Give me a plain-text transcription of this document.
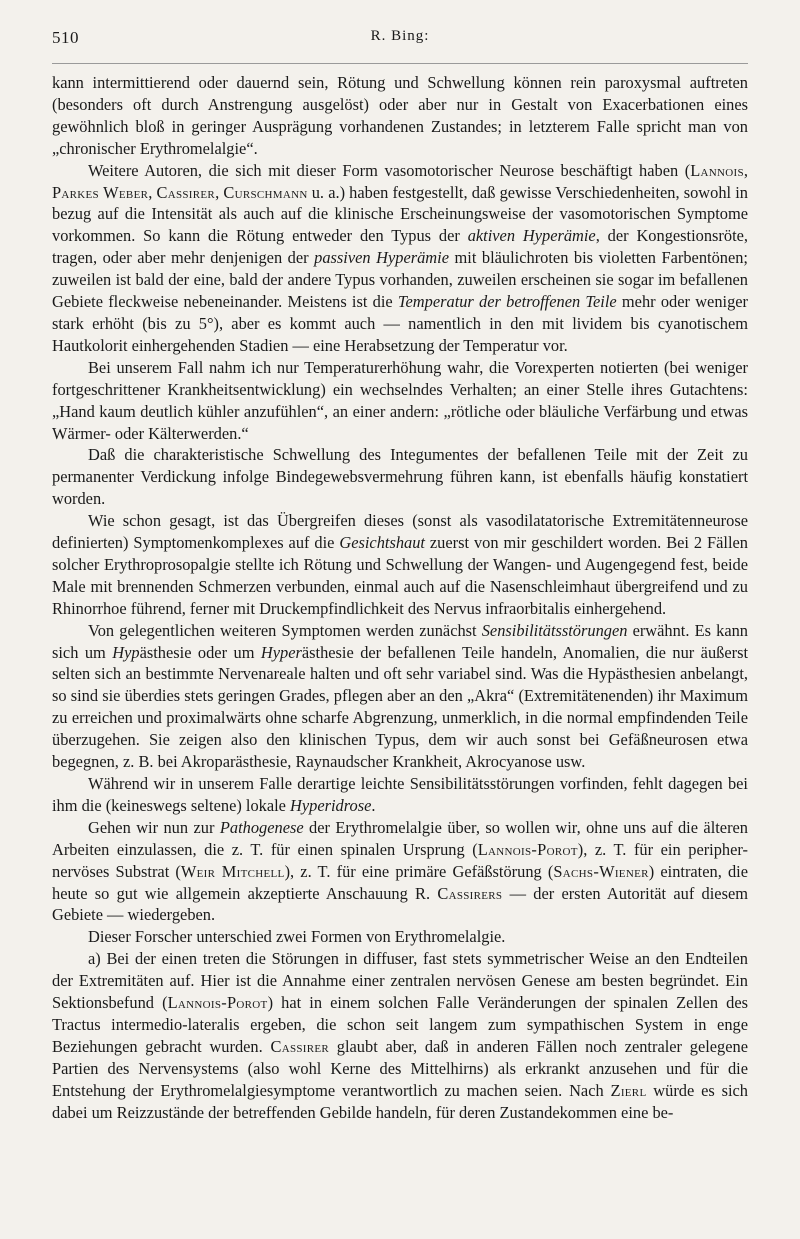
510	R. Bing:

kann intermittierend oder dauernd sein, Rötung und Schwellung können rein paroxysmal auftreten (besonders oft durch Anstrengung ausgelöst) oder aber nur in Gestalt von Exacerbationen eines gewöhnlich bloß in geringer Ausprägung vorhandenen Zustandes; in letzterem Falle spricht man von „chronischer Erythromelalgie“.

Weitere Autoren, die sich mit dieser Form vasomotorischer Neurose beschäftigt haben (Lannois, Parkes Weber, Cassirer, Curschmann u. a.) haben festgestellt, daß gewisse Verschiedenheiten, sowohl in bezug auf die Intensität als auch auf die klinische Erscheinungsweise der vasomotorischen Symptome vorkommen. So kann die Rötung entweder den Typus der aktiven Hyperämie, der Kongestionsröte, tragen, oder aber mehr denjenigen der passiven Hyperämie mit bläulichroten bis violetten Farbentönen; zuweilen ist bald der eine, bald der andere Typus vorhanden, zuweilen erscheinen sie sogar im befallenen Gebiete fleckweise nebeneinander. Meistens ist die Temperatur der betroffenen Teile mehr oder weniger stark erhöht (bis zu 5°), aber es kommt auch — namentlich in den mit lividem bis cyanotischem Hautkolorit einhergehenden Stadien — eine Herabsetzung der Temperatur vor.

Bei unserem Fall nahm ich nur Temperaturerhöhung wahr, die Vorexperten notierten (bei weniger fortgeschrittener Krankheitsentwicklung) ein wechselndes Verhalten; an einer Stelle ihres Gutachtens: „Hand kaum deutlich kühler anzufühlen“, an einer andern: „rötliche oder bläuliche Verfärbung und etwas Wärmer- oder Kälterwerden.“

Daß die charakteristische Schwellung des Integumentes der befallenen Teile mit der Zeit zu permanenter Verdickung infolge Bindegewebsvermehrung führen kann, ist ebenfalls häufig konstatiert worden.

Wie schon gesagt, ist das Übergreifen dieses (sonst als vasodilatatorische Extremitätenneurose definierten) Symptomenkomplexes auf die Gesichtshaut zuerst von mir geschildert worden. Bei 2 Fällen solcher Erythroprosopalgie stellte ich Rötung und Schwellung der Wangen- und Augengegend fest, beide Male mit brennenden Schmerzen verbunden, einmal auch auf die Nasenschleimhaut übergreifend und zu Rhinorrhoe führend, ferner mit Druckempfindlichkeit des Nervus infraorbitalis einhergehend.

Von gelegentlichen weiteren Symptomen werden zunächst Sensibilitätsstörungen erwähnt. Es kann sich um Hypästhesie oder um Hyperästhesie der befallenen Teile handeln, Anomalien, die nur äußerst selten sich an bestimmte Nervenareale halten und oft sehr variabel sind. Was die Hypästhesien anbelangt, so sind sie überdies stets geringen Grades, pflegen aber an den „Akra“ (Extremitätenenden) ihr Maximum zu erreichen und proximalwärts ohne scharfe Abgrenzung, unmerklich, in die normal empfindenden Teile überzugehen. Sie zeigen also den klinischen Typus, dem wir auch sonst bei Gefäßneurosen etwa begegnen, z. B. bei Akroparästhesie, Raynaudscher Krankheit, Akrocyanose usw.

Während wir in unserem Falle derartige leichte Sensibilitätsstörungen vorfinden, fehlt dagegen bei ihm die (keineswegs seltene) lokale Hyperidrose.

Gehen wir nun zur Pathogenese der Erythromelalgie über, so wollen wir, ohne uns auf die älteren Arbeiten einzulassen, die z. T. für einen spinalen Ursprung (Lannois-Porot), z. T. für ein peripher-nervöses Substrat (Weir Mitchell), z. T. für eine primäre Gefäßstörung (Sachs-Wiener) eintraten, die heute so gut wie allgemein akzeptierte Anschauung R. Cassirers — der ersten Autorität auf diesem Gebiete — wiedergeben.

Dieser Forscher unterschied zwei Formen von Erythromelalgie.

a) Bei der einen treten die Störungen in diffuser, fast stets symmetrischer Weise an den Endteilen der Extremitäten auf. Hier ist die Annahme einer zentralen nervösen Genese am besten begründet. Ein Sektionsbefund (Lannois-Porot) hat in einem solchen Falle Veränderungen der spinalen Zellen des Tractus intermedio-lateralis ergeben, die schon seit langem zum sympathischen System in enge Beziehungen gebracht wurden. Cassirer glaubt aber, daß in anderen Fällen noch zentraler gelegene Partien des Nervensystems (also wohl Kerne des Mittelhirns) als erkrankt anzusehen und für die Entstehung der Erythromelalgiesymptome verantwortlich zu machen seien. Nach Zierl würde es sich dabei um Reizzustände der betreffenden Gebilde handeln, für deren Zustandekommen eine be-
